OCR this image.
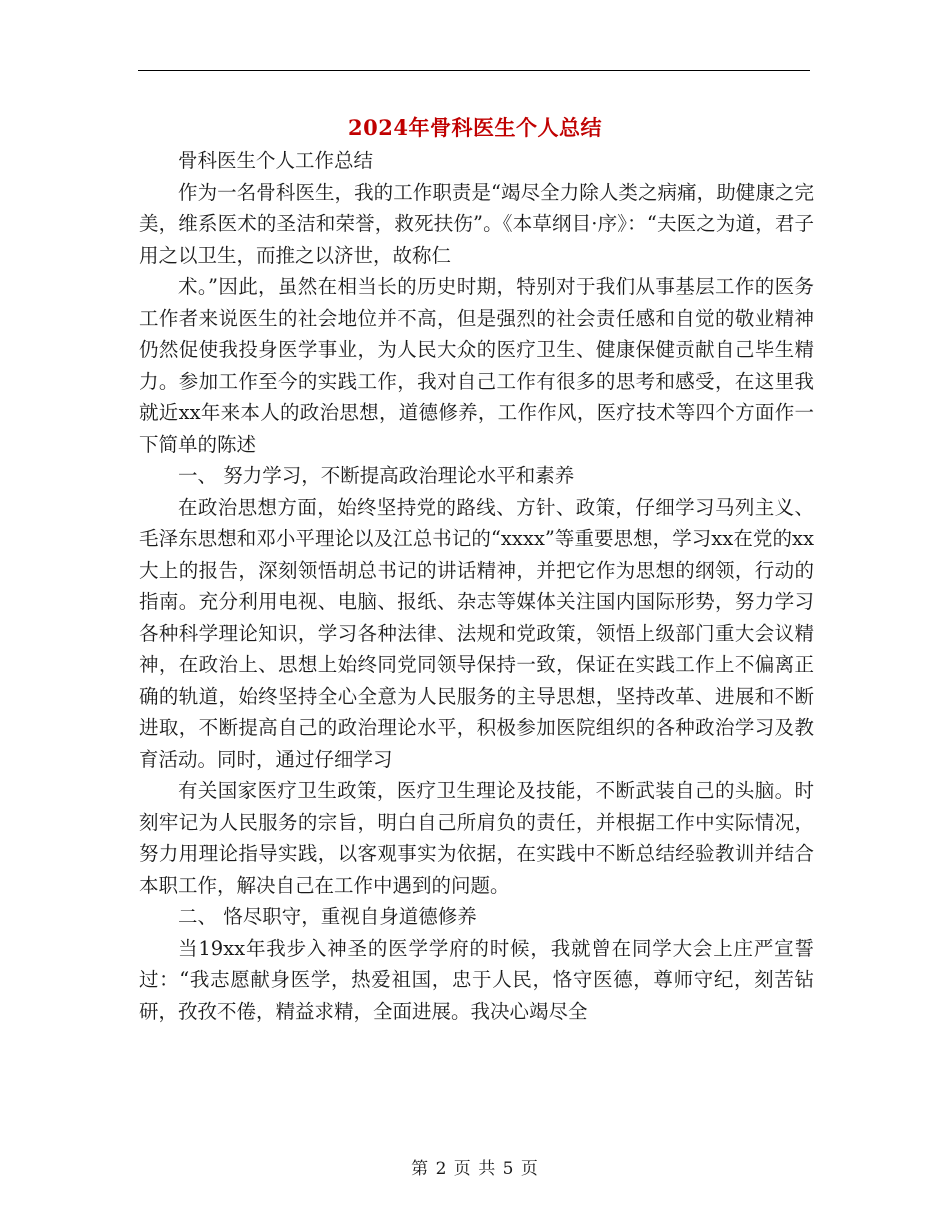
2024年骨科医生个人总结

骨科医生个人工作总结

作为一名骨科医生，我的工作职责是“竭尽全力除人类之病痛，助健康之完美，维系医术的圣洁和荣誉，救死扶伤”。《本草纲目·序》：“夫医之为道，君子用之以卫生，而推之以济世，故称仁

术。”因此，虽然在相当长的历史时期，特别对于我们从事基层工作的医务工作者来说医生的社会地位并不高，但是强烈的社会责任感和自觉的敬业精神仍然促使我投身医学事业，为人民大众的医疗卫生、健康保健贡献自己毕生精力。参加工作至今的实践工作，我对自己工作有很多的思考和感受，在这里我就近xx年来本人的政治思想，道德修养，工作作风，医疗技术等四个方面作一下简单的陈述

一、 努力学习，不断提高政治理论水平和素养

在政治思想方面，始终坚持党的路线、方针、政策，仔细学习马列主义、毛泽东思想和邓小平理论以及江总书记的“xxxx”等重要思想，学习xx在党的xx大上的报告，深刻领悟胡总书记的讲话精神，并把它作为思想的纲领，行动的指南。充分利用电视、电脑、报纸、杂志等媒体关注国内国际形势，努力学习各种科学理论知识，学习各种法律、法规和党政策，领悟上级部门重大会议精神，在政治上、思想上始终同党同领导保持一致，保证在实践工作上不偏离正确的轨道，始终坚持全心全意为人民服务的主导思想，坚持改革、进展和不断进取，不断提高自己的政治理论水平，积极参加医院组织的各种政治学习及教育活动。同时，通过仔细学习

有关国家医疗卫生政策，医疗卫生理论及技能，不断武装自己的头脑。时刻牢记为人民服务的宗旨，明白自己所肩负的责任，并根据工作中实际情况，努力用理论指导实践，以客观事实为依据，在实践中不断总结经验教训并结合本职工作，解决自己在工作中遇到的问题。

二、 恪尽职守，重视自身道德修养

当19xx年我步入神圣的医学学府的时候，我就曾在同学大会上庄严宣誓过：“我志愿献身医学，热爱祖国，忠于人民，恪守医德，尊师守纪，刻苦钻研，孜孜不倦，精益求精，全面进展。我决心竭尽全

第 2 页 共 5 页
